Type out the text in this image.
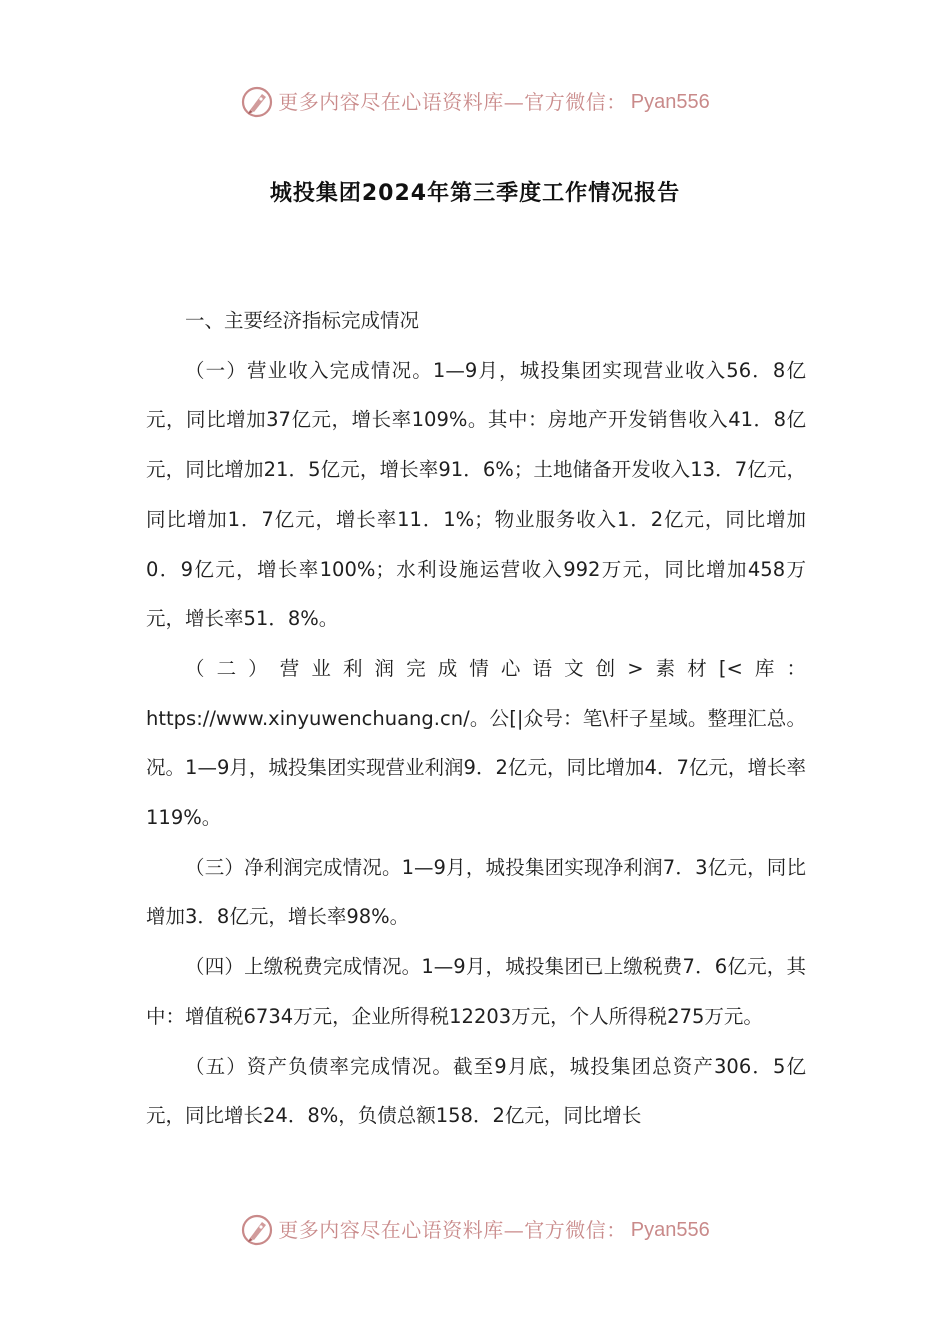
更多内容尽在心语资料库—官方微信： Pyan556
城投集团2024年第三季度工作情况报告

一、主要经济指标完成情况

（一）营业收入完成情况。1—9月，城投集团实现营业收入56．8亿元，同比增加37亿元，增长率109%。其中：房地产开发销售收入41．8亿元，同比增加21．5亿元，增长率91．6%；土地储备开发收入13．7亿元，同比增加1．7亿元，增长率11．1%；物业服务收入1．2亿元，同比增加0．9亿元，增长率100%；水利设施运营收入992万元，同比增加458万元，增长率51．8%。

（二）营业利润完成情心语文创>素材[<库：https://www.xinyuwenchuang.cn/。公[|众号：笔\杆子星域。整理汇总。况。1—9月，城投集团实现营业利润9．2亿元，同比增加4．7亿元，增长率119%。

（三）净利润完成情况。1—9月，城投集团实现净利润7．3亿元，同比增加3．8亿元，增长率98%。

（四）上缴税费完成情况。1—9月，城投集团已上缴税费7．6亿元，其中：增值税6734万元，企业所得税12203万元，个人所得税275万元。

（五）资产负债率完成情况。截至9月底，城投集团总资产306．5亿元，同比增长24．8%，负债总额158．2亿元，同比增长

更多内容尽在心语资料库—官方微信： Pyan556
